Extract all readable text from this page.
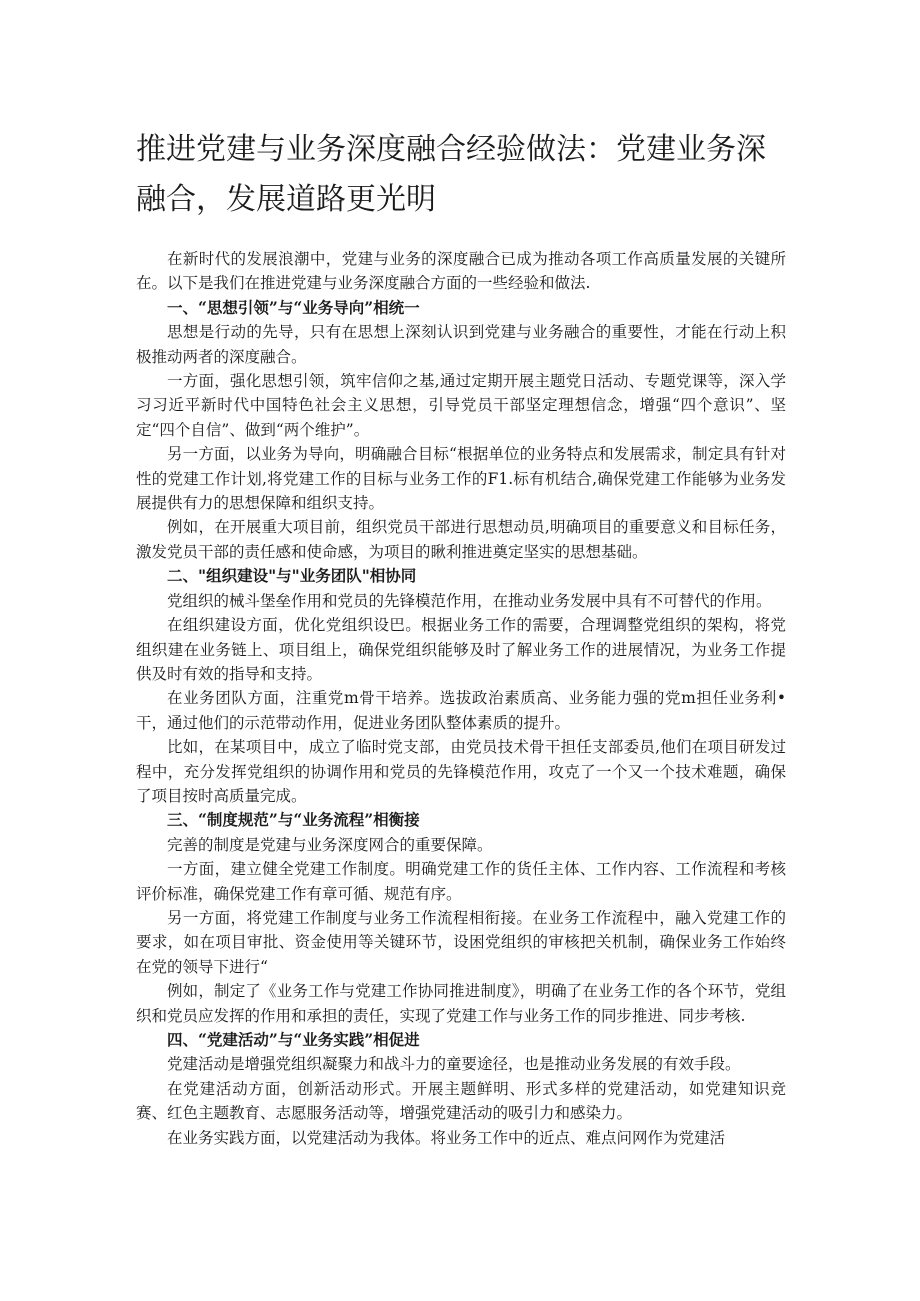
推进党建与业务深度融合经验做法：党建业务深融合，发展道路更光明

在新时代的发展浪潮中，党建与业务的深度融合已成为推动各项工作高质量发展的关键所在。以下是我们在推进党建与业务深度融合方面的一些经验和做法.

一、“思想引领”与“业务导向”相统一

思想是行动的先导，只有在思想上深刻认识到党建与业务融合的重要性，才能在行动上积极推动两者的深度融合。

一方面，强化思想引领，筑牢信仰之基,通过定期开展主题党日活动、专题党课等，深入学习习近平新时代中国特色社会主义思想，引导党员干部坚定理想信念，增强“四个意识”、坚定“四个自信”、做到“两个维护”。

另一方面，以业务为导向，明确融合目标“根据单位的业务特点和发展需求，制定具有针对性的党建工作计划,将党建工作的目标与业务工作的F1.标有机结合,确保党建工作能够为业务发展提供有力的思想保障和组织支持。

例如，在开展重大项目前，组织党员干部进行思想动员,明确项目的重要意义和目标任务，激发党员干部的责任感和使命感，为项目的瞅利推进奠定坚实的思想基础。

二、"组织建设"与"业务团队"相协同

党组织的械斗堡垒作用和党员的先锋模范作用，在推动业务发展中具有不可替代的作用。

在组织建设方面，优化党组织设巴。根据业务工作的需要，合理调整党组织的架构，将党组织建在业务链上、项目组上，确保党组织能够及时了解业务工作的进展情况，为业务工作提供及时有效的指导和支持。

在业务团队方面，注重党m骨干培养。选拔政治素质高、业务能力强的党m担任业务利•干，通过他们的示范带动作用，促进业务团队整体素质的提升。

比如，在某项目中，成立了临时党支部，由党员技术骨干担任支部委员,他们在项目研发过程中，充分发挥党组织的协调作用和党员的先锋模范作用，攻克了一个又一个技术难题，确保了项目按时高质量完成。

三、“制度规范”与“业务流程”相衡接

完善的制度是党建与业务深度网合的重要保障。

一方面，建立健全党建工作制度。明确党建工作的货任主体、工作内容、工作流程和考核评价标准，确保党建工作有章可循、规范有序。

另一方面，将党建工作制度与业务工作流程相衔接。在业务工作流程中，融入党建工作的要求，如在项目审批、资金使用等关键环节，设困党组织的审核把关机制，确保业务工作始终在党的领导下进行“

例如，制定了《业务工作与党建工作协同推进制度》，明确了在业务工作的各个环节，党组织和党员应发挥的作用和承担的责任，实现了党建工作与业务工作的同步推进、同步考核.

四、“党建活动”与“业务实践”相促进

党建活动是增强党组织凝聚力和战斗力的童要途径，也是推动业务发展的有效手段。

在党建活动方面，创新活动形式。开展主题鲜明、形式多样的党建活动，如党建知识竞赛、红色主题教育、志愿服务活动等，增强党建活动的吸引力和感染力。

在业务实践方面，以党建活动为我体。将业务工作中的近点、难点问网作为党建活
